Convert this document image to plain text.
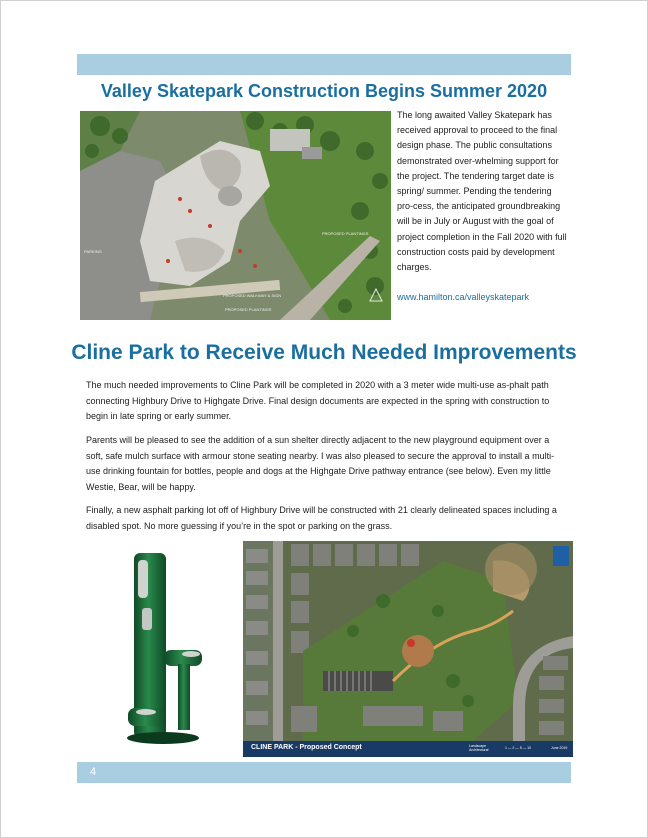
Valley Skatepark Construction Begins Summer 2020
PARKING
PROPOSED PLANTINGS
PROPOSED WALKWAY & SIGN
PROPOSED PLANTINGS
The long awaited Valley Skatepark has received approval to proceed to the final design phase. The public consultations demonstrated over-whelming support for the project. The tendering target date is spring/ summer. Pending the tendering pro-cess, the anticipated groundbreaking will be in July or August with the goal of project completion in the Fall 2020 with full construction costs paid by development charges.
www.hamilton.ca/valleyskatepark
Cline Park to Receive Much Needed Improvements

The much needed improvements to Cline Park will be completed in 2020 with a 3 meter wide multi-use as-phalt path connecting Highbury Drive to Highgate Drive. Final design documents are expected in the spring with construction to begin in late spring or early summer.

Parents will be pleased to see the addition of a sun shelter directly adjacent to the new playground equipment over a soft, safe mulch surface with armour stone seating nearby. I was also pleased to secure the approval to install a multi-use drinking fountain for bottles, people and dogs at the Highgate Drive pathway entrance (see below). Even my little Westie, Bear, will be happy.

Finally, a new asphalt parking lot off of Highbury Drive will be constructed with 21 clearly delineated spaces including a disabled spot. No more guessing if you’re in the spot or parking on the grass.

CLINE PARK - Proposed Concept	Landscape Architectural	1 — 2 — 5 — 10	June 2019
4
